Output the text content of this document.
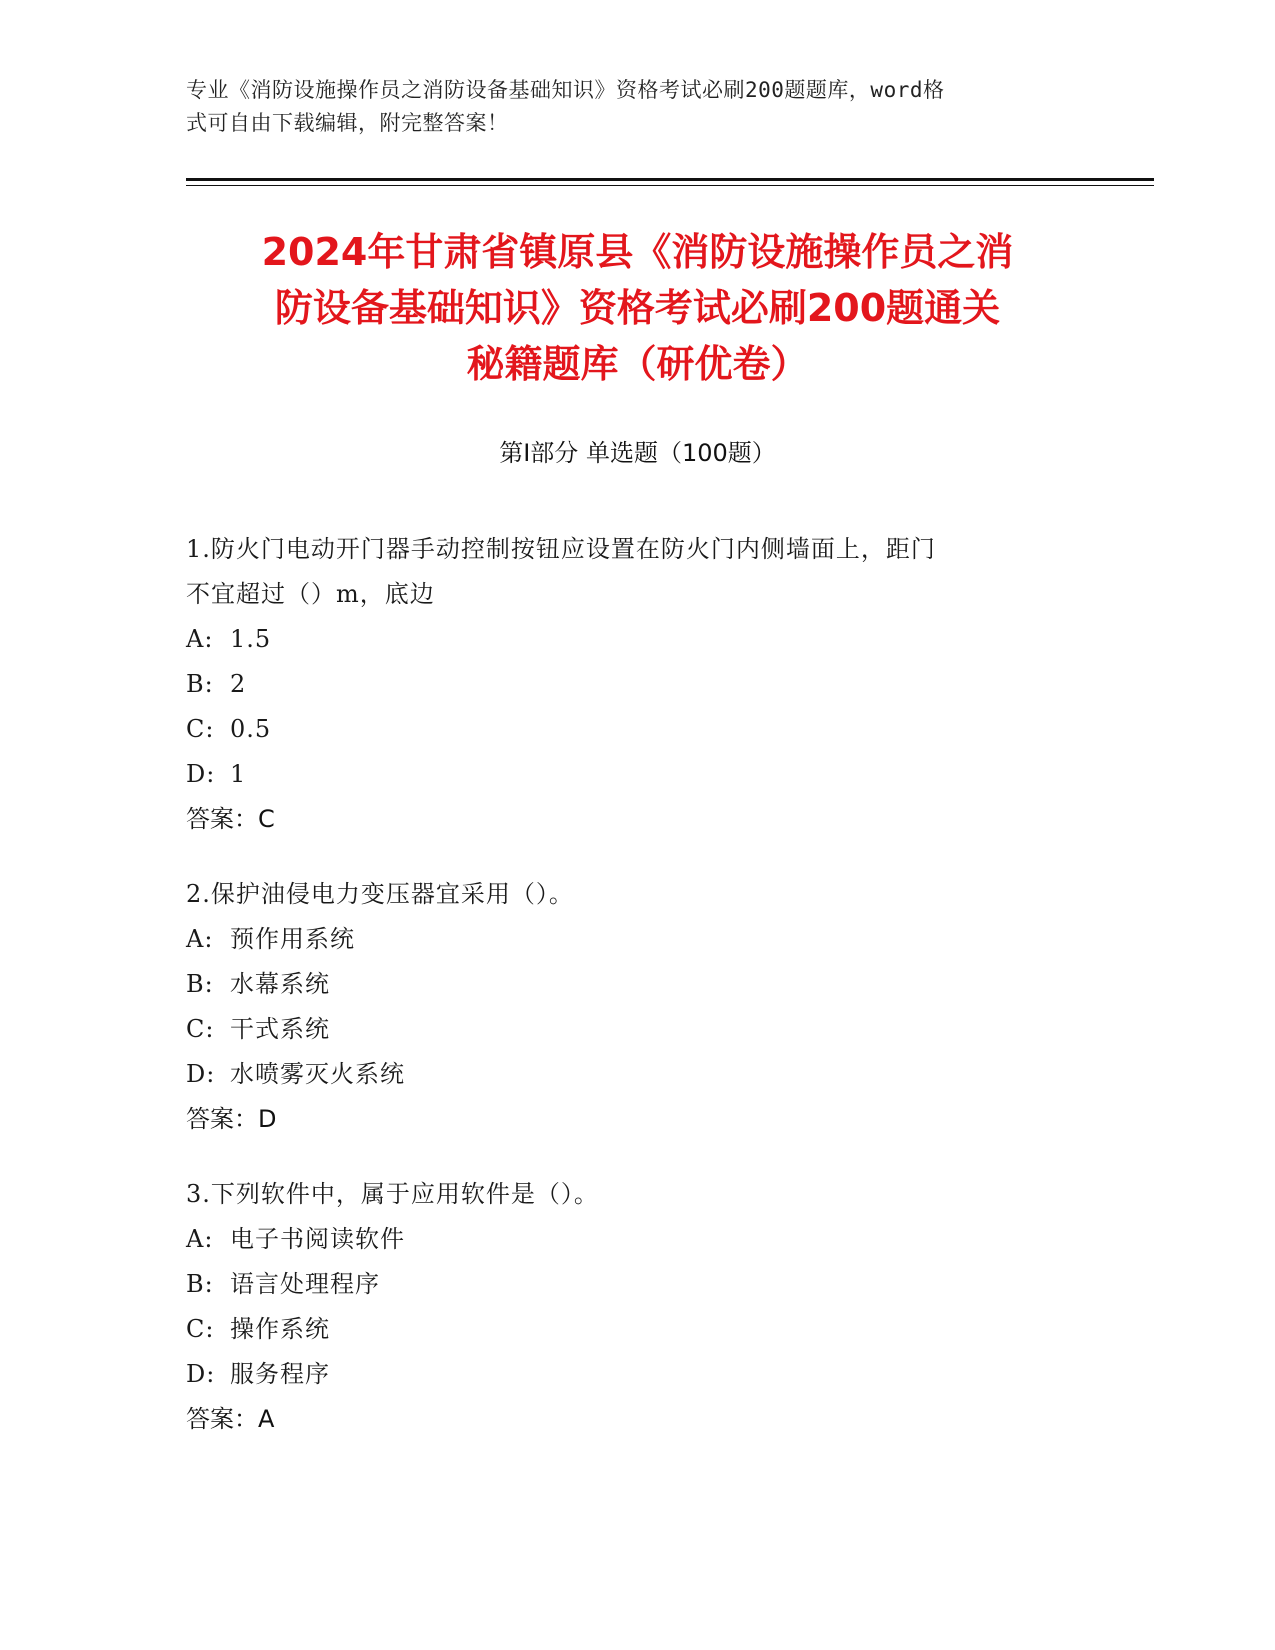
专业《消防设施操作员之消防设备基础知识》资格考试必刷200题题库，word格
式可自由下载编辑，附完整答案！
2024年甘肃省镇原县《消防设施操作员之消
防设备基础知识》资格考试必刷200题通关
秘籍题库（研优卷）
第Ⅰ部分 单选题（100题）
1.防火门电动开门器手动控制按钮应设置在防火门内侧墙面上，距门
不宜超过（）m，底边
A: 1.5
B: 2
C: 0.5
D: 1
答案：C
2.保护油侵电力变压器宜采用（）。
A: 预作用系统
B: 水幕系统
C: 干式系统
D: 水喷雾灭火系统
答案：D
3.下列软件中，属于应用软件是（）。
A: 电子书阅读软件
B: 语言处理程序
C: 操作系统
D: 服务程序
答案：A
